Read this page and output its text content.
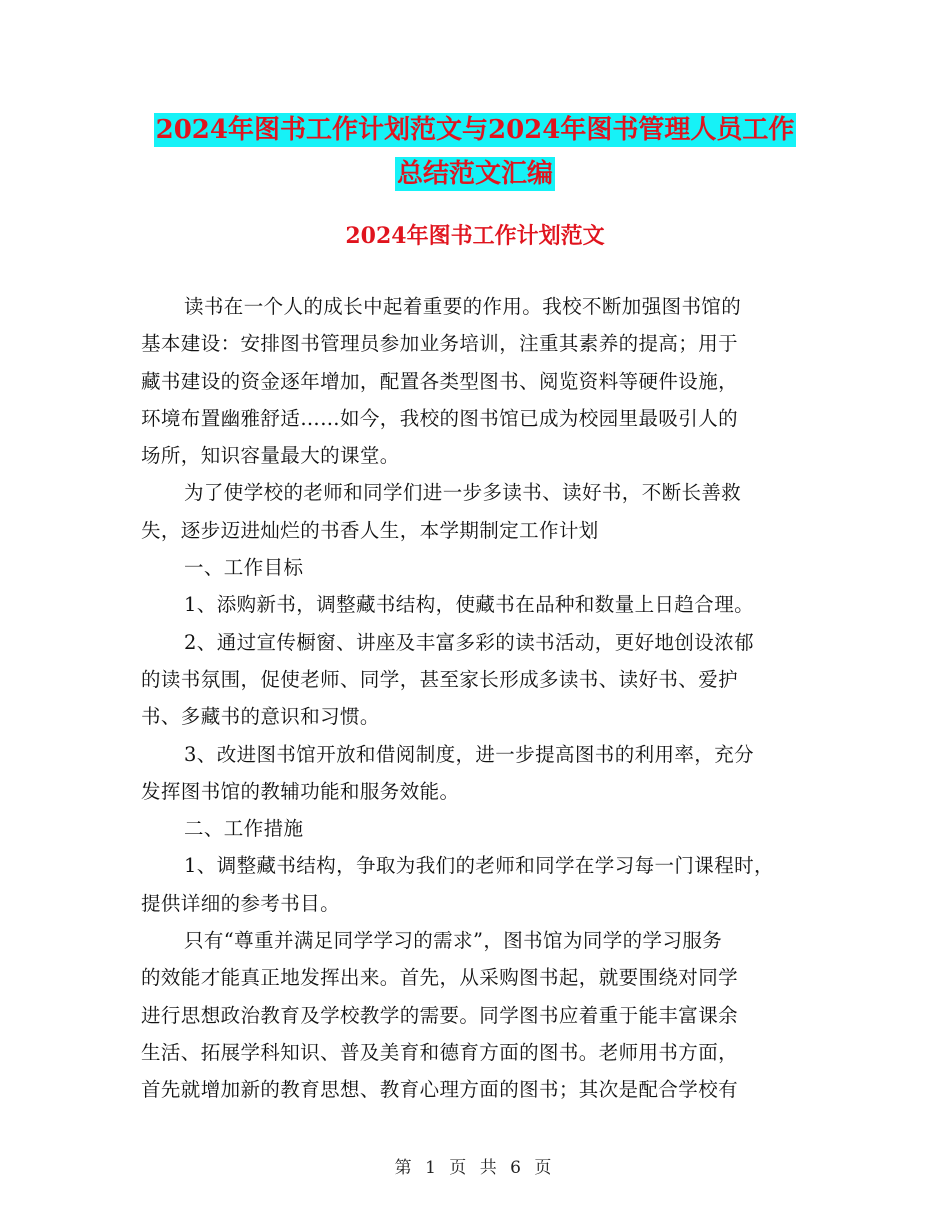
2024年图书工作计划范文与2024年图书管理人员工作
总结范文汇编
2024年图书工作计划范文
读书在一个人的成长中起着重要的作用。我校不断加强图书馆的
基本建设：安排图书管理员参加业务培训，注重其素养的提高；用于
藏书建设的资金逐年增加，配置各类型图书、阅览资料等硬件设施，
环境布置幽雅舒适……如今，我校的图书馆已成为校园里最吸引人的
场所，知识容量最大的课堂。
为了使学校的老师和同学们进一步多读书、读好书，不断长善救
失，逐步迈进灿烂的书香人生，本学期制定工作计划
一、工作目标
1、添购新书，调整藏书结构，使藏书在品种和数量上日趋合理。
2、通过宣传橱窗、讲座及丰富多彩的读书活动，更好地创设浓郁
的读书氛围，促使老师、同学，甚至家长形成多读书、读好书、爱护
书、多藏书的意识和习惯。
3、改进图书馆开放和借阅制度，进一步提高图书的利用率，充分
发挥图书馆的教辅功能和服务效能。
二、工作措施
1、调整藏书结构，争取为我们的老师和同学在学习每一门课程时，
提供详细的参考书目。
只有“尊重并满足同学学习的需求”，图书馆为同学的学习服务
的效能才能真正地发挥出来。首先，从采购图书起，就要围绕对同学
进行思想政治教育及学校教学的需要。同学图书应着重于能丰富课余
生活、拓展学科知识、普及美育和德育方面的图书。老师用书方面，
首先就增加新的教育思想、教育心理方面的图书；其次是配合学校有
第 1 页 共 6 页
